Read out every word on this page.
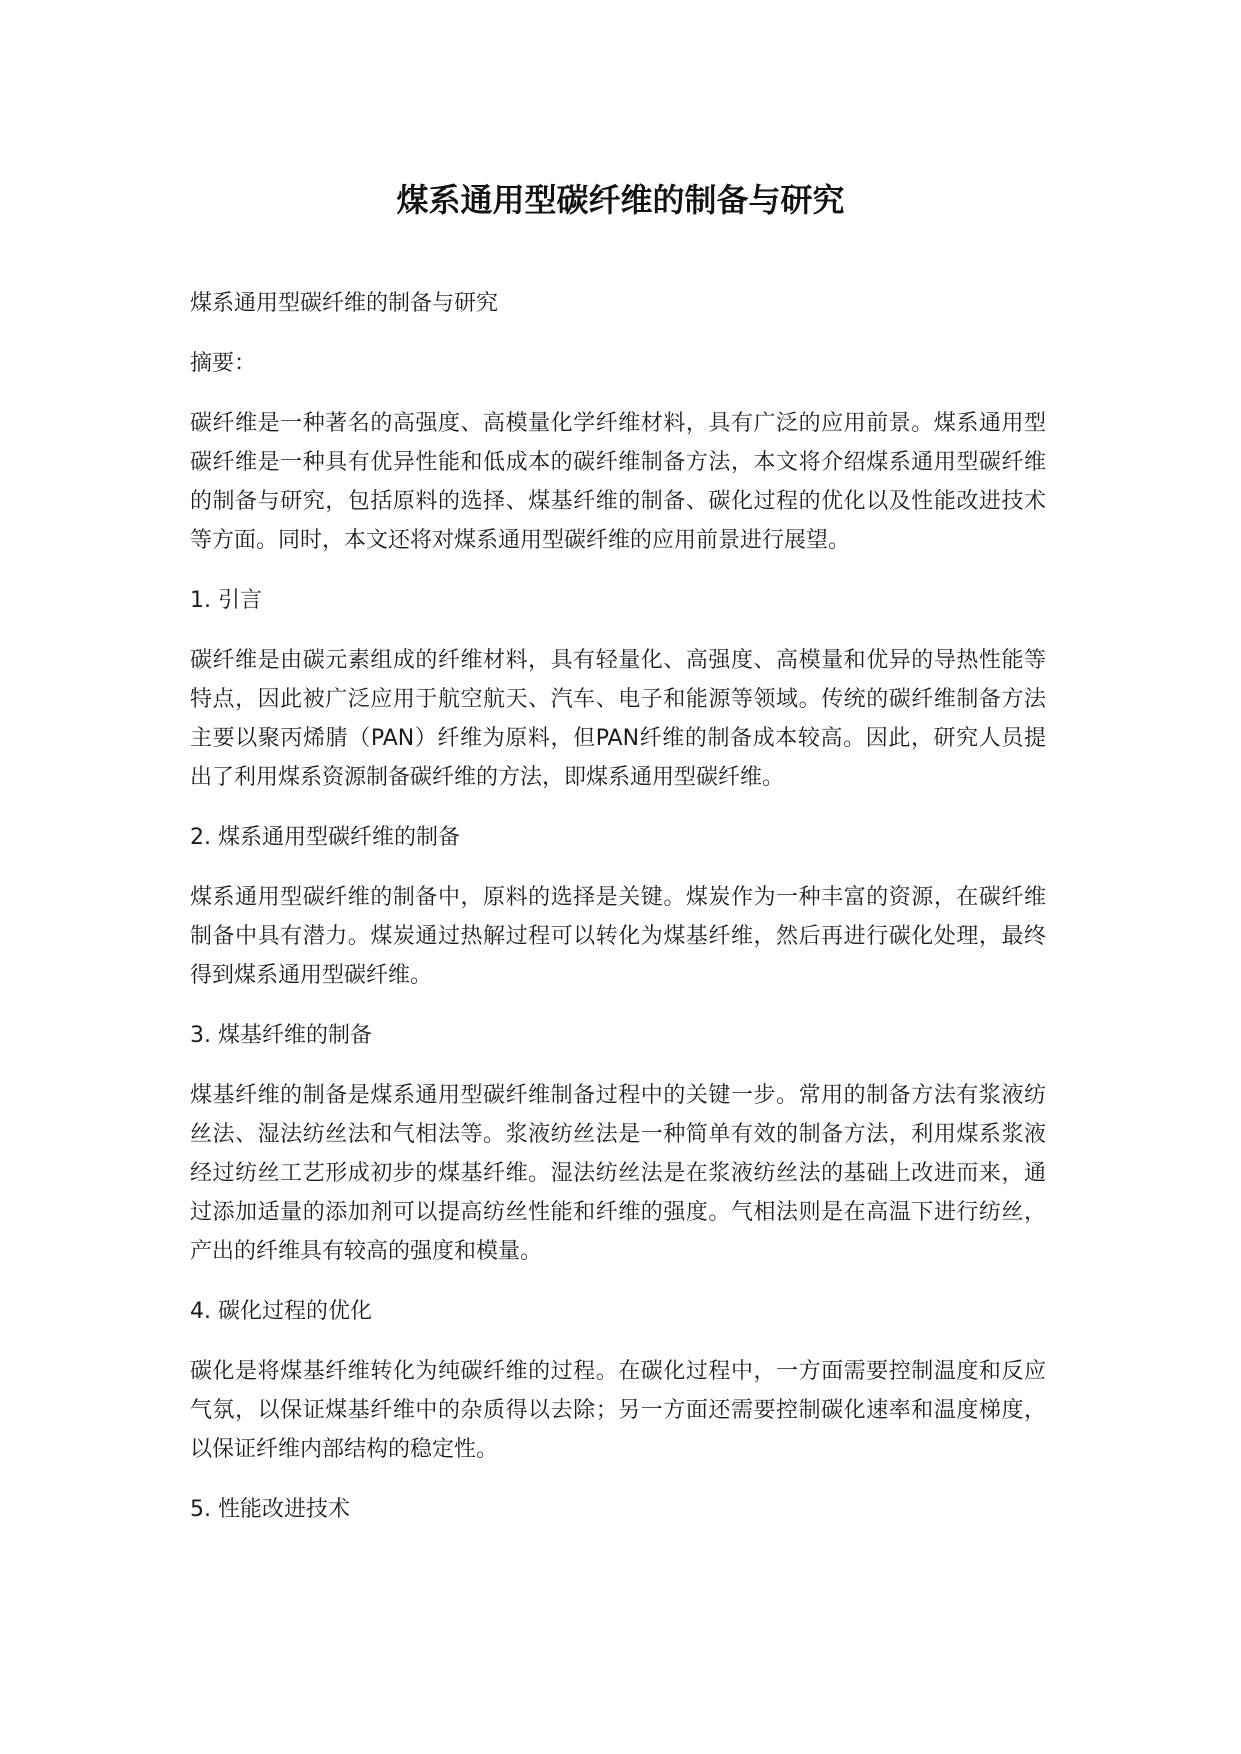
煤系通用型碳纤维的制备与研究

煤系通用型碳纤维的制备与研究

摘要：

碳纤维是一种著名的高强度、高模量化学纤维材料，具有广泛的应用前景。煤系通用型碳纤维是一种具有优异性能和低成本的碳纤维制备方法，本文将介绍煤系通用型碳纤维的制备与研究，包括原料的选择、煤基纤维的制备、碳化过程的优化以及性能改进技术等方面。同时，本文还将对煤系通用型碳纤维的应用前景进行展望。

1. 引言

碳纤维是由碳元素组成的纤维材料，具有轻量化、高强度、高模量和优异的导热性能等特点，因此被广泛应用于航空航天、汽车、电子和能源等领域。传统的碳纤维制备方法主要以聚丙烯腈（PAN）纤维为原料，但PAN纤维的制备成本较高。因此，研究人员提出了利用煤系资源制备碳纤维的方法，即煤系通用型碳纤维。

2. 煤系通用型碳纤维的制备

煤系通用型碳纤维的制备中，原料的选择是关键。煤炭作为一种丰富的资源，在碳纤维制备中具有潜力。煤炭通过热解过程可以转化为煤基纤维，然后再进行碳化处理，最终得到煤系通用型碳纤维。

3. 煤基纤维的制备

煤基纤维的制备是煤系通用型碳纤维制备过程中的关键一步。常用的制备方法有浆液纺丝法、湿法纺丝法和气相法等。浆液纺丝法是一种简单有效的制备方法，利用煤系浆液经过纺丝工艺形成初步的煤基纤维。湿法纺丝法是在浆液纺丝法的基础上改进而来，通过添加适量的添加剂可以提高纺丝性能和纤维的强度。气相法则是在高温下进行纺丝，产出的纤维具有较高的强度和模量。

4. 碳化过程的优化

碳化是将煤基纤维转化为纯碳纤维的过程。在碳化过程中，一方面需要控制温度和反应气氛，以保证煤基纤维中的杂质得以去除；另一方面还需要控制碳化速率和温度梯度，以保证纤维内部结构的稳定性。

5. 性能改进技术
